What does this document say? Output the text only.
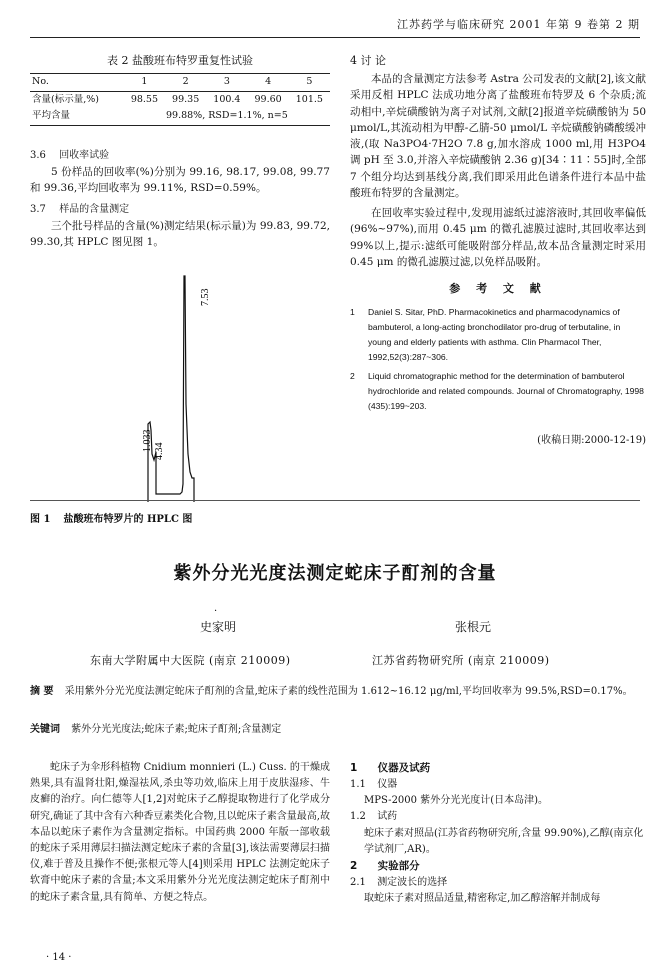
江苏药学与临床研究 2001 年第 9 卷第 2 期
表 2 盐酸班布特罗重复性试验
No.	1	2	3	4	5
含量(标示量,%)	98.55	99.35	100.4	99.60	101.5
平均含量	99.88%, RSD=1.1%, n=5				
3.6 回收率试验

5 份样品的回收率(%)分别为 99.16, 98.17, 99.08, 99.77 和 99.36,平均回收率为 99.11%, RSD=0.59%。

3.7 样品的含量测定

三个批号样品的含量(%)测定结果(标示量)为 99.83, 99.72, 99.30,其 HPLC 图见图 1。

7.53
1.033 4.34
图 1 盐酸班布特罗片的 HPLC 图
4 讨 论

本品的含量测定方法参考 Astra 公司发表的文献[2],该文献采用反相 HPLC 法成功地分离了盐酸班布特罗及 6 个杂质;流动相中,辛烷磺酸钠为离子对试剂,文献[2]报道辛烷磺酸钠为 50 μmol/L,其流动相为甲醇-乙腈-50 μmol/L 辛烷磺酸钠磷酸缓冲液,(取 Na3PO4·7H2O 7.8 g,加水溶成 1000 ml,用 H3PO4 调 pH 至 3.0,并溶入辛烷磺酸钠 2.36 g)[34∶11∶55]时,全部 7 个组分均达到基线分离,我们即采用此色谱条件进行本品中盐酸班布特罗的含量测定。

在回收率实验过程中,发现用滤纸过滤溶液时,其回收率偏低(96%~97%),而用 0.45 μm 的微孔滤膜过滤时,其回收率达到 99%以上,提示:滤纸可能吸附部分样品,故本品含量测定时采用 0.45 μm 的微孔滤膜过滤,以免样品吸附。

参 考 文 献
1 Daniel S. Sitar, PhD. Pharmacokinetics and pharmacodynamics of bambuterol, a long-acting bronchodilator pro-drug of terbutaline, in young and elderly patients with asthma. Clin Pharmacol Ther, 1992,52(3):287~306.
2 Liquid chromatographic method for the determination of bambuterol hydrochloride and related compounds. Journal of Chromatography, 1998 (435):199~203.
(收稿日期:2000-12-19)
紫外分光光度法测定蛇床子酊剂的含量
·
史家明	张根元
东南大学附属中大医院 (南京 210009)	江苏省药物研究所 (南京 210009)
摘 要 采用紫外分光光度法测定蛇床子酊剂的含量,蛇床子素的线性范围为 1.612~16.12 μg/ml,平均回收率为 99.5%,RSD=0.17%。
关键词 紫外分光光度法;蛇床子素;蛇床子酊剂;含量测定

蛇床子为伞形科植物 Cnidium monnieri (L.) Cuss. 的干燥成熟果,具有温肾壮阳,燥湿祛风,杀虫等功效,临床上用于皮肤湿疹、牛皮癣的治疗。向仁德等人[1,2]对蛇床子乙醇提取物进行了化学成分研究,确证了其中含有六种香豆素类化合物,且以蛇床子素含量最高,故本品以蛇床子素作为含量测定指标。中国药典 2000 年版一部收载的蛇床子采用薄层扫描法测定蛇床子素的含量[3],该法需要薄层扫描仪,难于普及且操作不便;张根元等人[4]则采用 HPLC 法测定蛇床子软膏中蛇床子素的含量;本文采用紫外分光光度法测定蛇床子酊剂中的蛇床子素含量,具有简单、方便之特点。

1 仪器及试药
1.1 仪器
MPS-2000 紫外分光光度计(日本岛津)。
1.2 试药
蛇床子素对照品(江苏省药物研究所,含量 99.90%),乙醇(南京化学试剂厂,AR)。
2 实验部分
2.1 测定波长的选择
取蛇床子素对照品适量,精密称定,加乙醇溶解并制成每
· 14 ·
